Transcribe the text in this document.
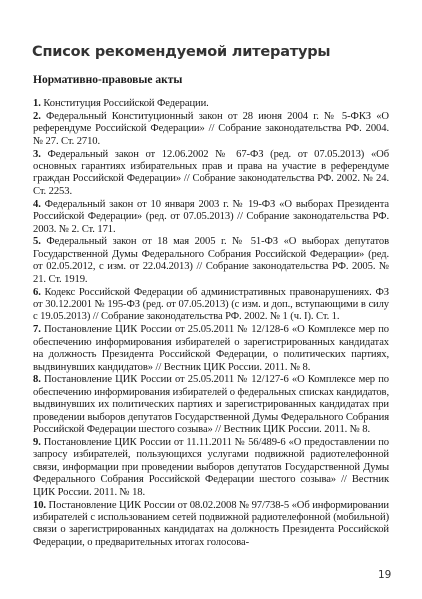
Список рекомендуемой литературы
Нормативно-правовые акты

1. Конституция Российской Федерации.

2. Федеральный Конституционный закон от 28 июня 2004 г. № 5-ФКЗ «О референдуме Российской Федерации» // Собрание законодательства РФ. 2004. № 27. Ст. 2710.

3. Федеральный закон от 12.06.2002 № 67-ФЗ (ред. от 07.05.2013) «Об основных гарантиях избирательных прав и права на участие в референдуме граждан Российской Федерации» // Собрание законодательства РФ. 2002. № 24. Ст. 2253.

4. Федеральный закон от 10 января 2003 г. № 19-ФЗ «О выборах Президента Российской Федерации» (ред. от 07.05.2013) // Собрание законодательства РФ. 2003. № 2. Ст. 171.

5. Федеральный закон от 18 мая 2005 г. № 51-ФЗ «О выборах депутатов Государственной Думы Федерального Собрания Российской Федерации» (ред. от 02.05.2012, с изм. от 22.04.2013) // Собрание законодательства РФ. 2005. № 21. Ст. 1919.

6. Кодекс Российской Федерации об административных правонарушениях. ФЗ от 30.12.2001 № 195-ФЗ (ред. от 07.05.2013) (с изм. и доп., вступающими в силу с 19.05.2013) // Собрание законодательства РФ. 2002. № 1 (ч. I). Ст. 1.

7. Постановление ЦИК России от 25.05.2011 № 12/128-6 «О Комплексе мер по обеспечению информирования избирателей о зарегистрированных кандидатах на должность Президента Российской Федерации, о политических партиях, выдвинувших кандидатов» // Вестник ЦИК России. 2011. № 8.

8. Постановление ЦИК России от 25.05.2011 № 12/127-6 «О Комплексе мер по обеспечению информирования избирателей о федеральных списках кандидатов, выдвинувших их политических партиях и зарегистрированных кандидатах при проведении выборов депутатов Государственной Думы Федерального Собрания Российской Федерации шестого созыва» // Вестник ЦИК России. 2011. № 8.

9. Постановление ЦИК России от 11.11.2011 № 56/489-6 «О предоставлении по запросу избирателей, пользующихся услугами подвижной радиотелефонной связи, информации при проведении выборов депутатов Государственной Думы Федерального Собрания Российской Федерации шестого созыва» // Вестник ЦИК России. 2011. № 18.

10. Постановление ЦИК России от 08.02.2008 № 97/738-5 «Об информировании избирателей с использованием сетей подвижной радиотелефонной (мобильной) связи о зарегистрированных кандидатах на должность Президента Российской Федерации, о предварительных итогах голосова-

19
